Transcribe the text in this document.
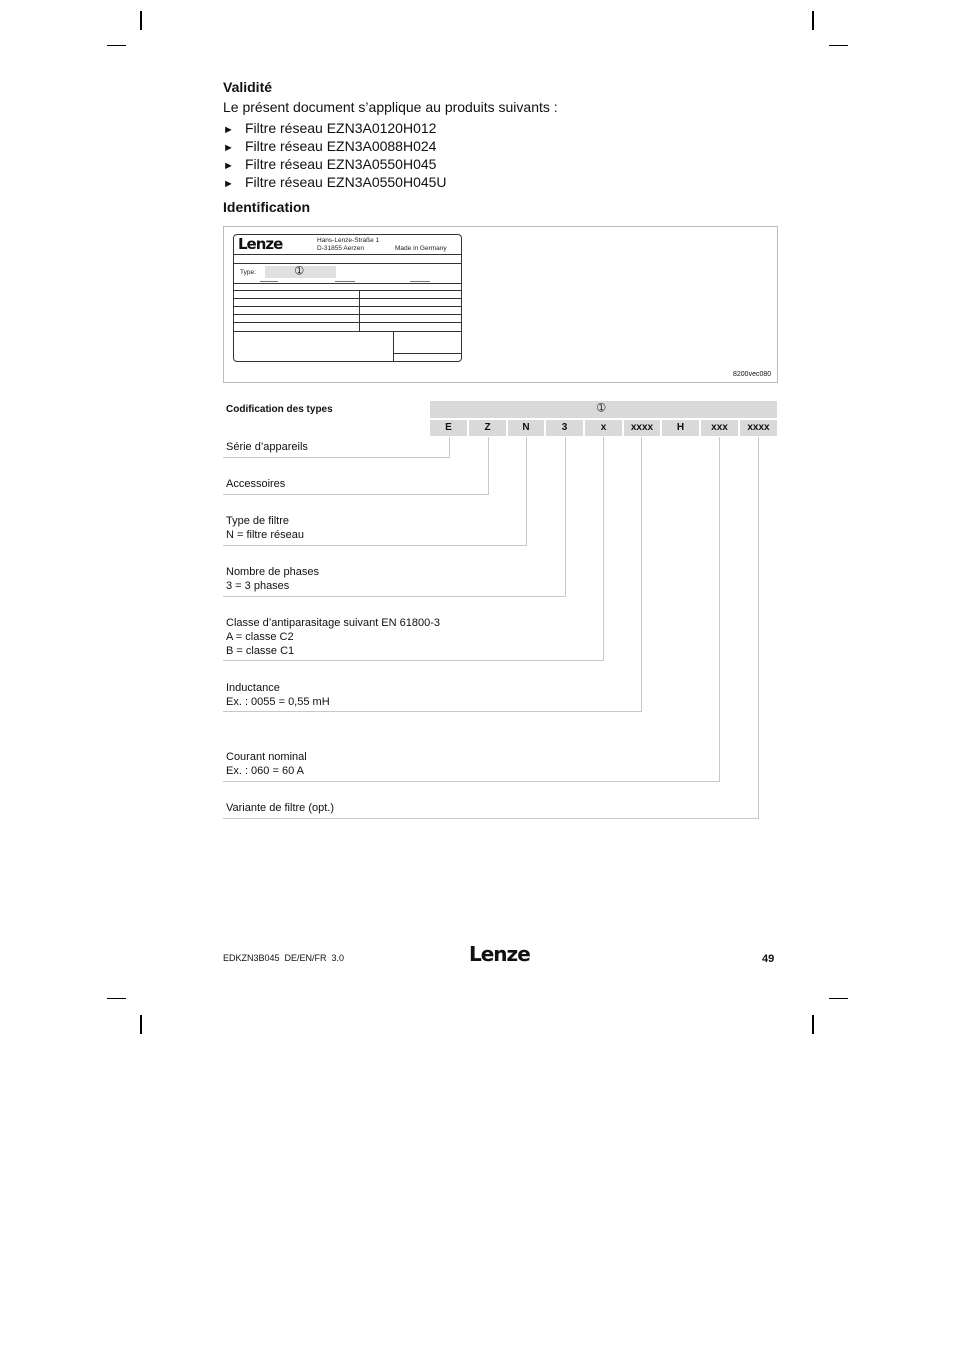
Validité
Le présent document s’applique au produits suivants :
► Filtre réseau EZN3A0120H012
► Filtre réseau EZN3A0088H024
► Filtre réseau EZN3A0550H045
► Filtre réseau EZN3A0550H045U
Identification
Lenze	Hans-Lenze-Straße 1
D-31855 Aerzen	Made in Germany
Type:	➀
8200vec080
Codification des types	➀
E	Z	N	3	x	xxxx	H	xxx	xxxx
Série d’appareils
Accessoires
Type de filtre
N = filtre réseau
Nombre de phases
3 = 3 phases
Classe d’antiparasitage suivant EN 61800-3
A = classe C2
B = classe C1
Inductance
Ex. : 0055 = 0,55 mH
Courant nominal
Ex. : 060 = 60 A
Variante de filtre (opt.)
EDKZN3B045  DE/EN/FR  3.0	Lenze	49
